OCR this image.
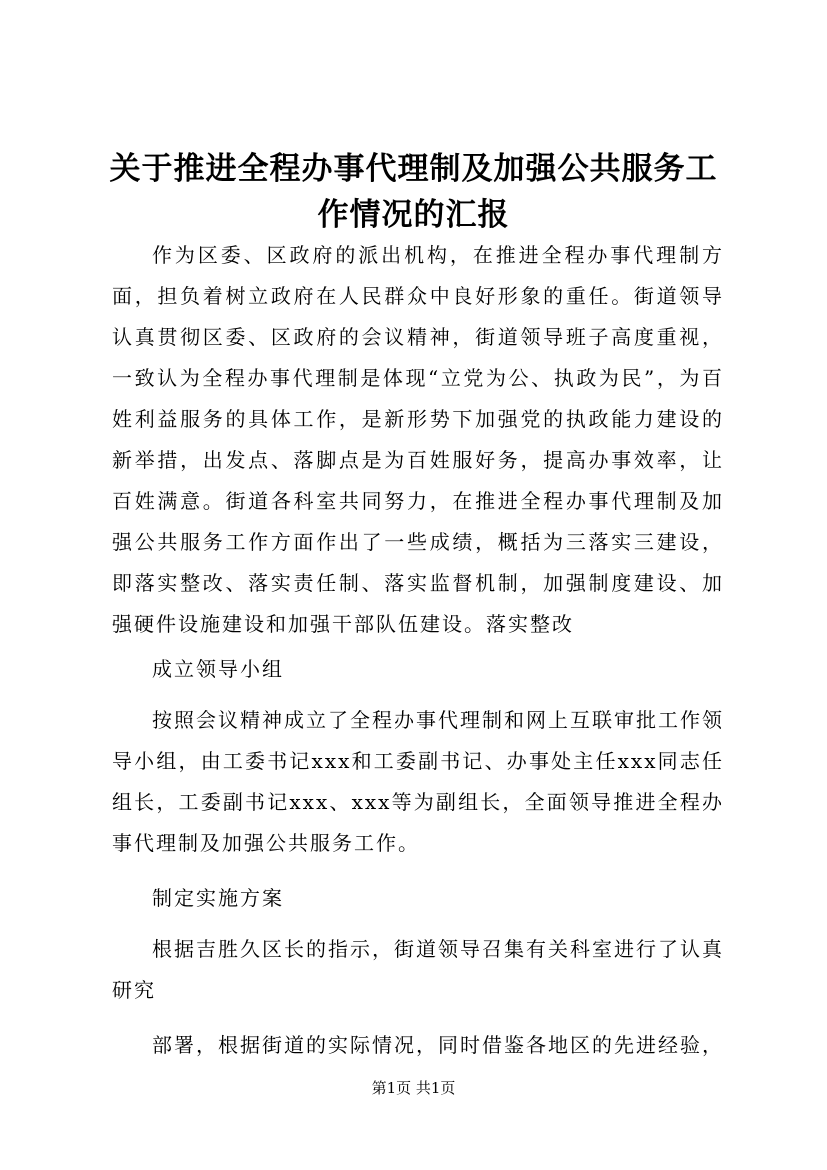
关于推进全程办事代理制及加强公共服务工作情况的汇报

作为区委、区政府的派出机构，在推进全程办事代理制方面，担负着树立政府在人民群众中良好形象的重任。街道领导认真贯彻区委、区政府的会议精神，街道领导班子高度重视，一致认为全程办事代理制是体现“立党为公、执政为民”，为百姓利益服务的具体工作，是新形势下加强党的执政能力建设的新举措，出发点、落脚点是为百姓服好务，提高办事效率，让百姓满意。街道各科室共同努力，在推进全程办事代理制及加强公共服务工作方面作出了一些成绩，概括为三落实三建设，即落实整改、落实责任制、落实监督机制，加强制度建设、加强硬件设施建设和加强干部队伍建设。落实整改

成立领导小组

按照会议精神成立了全程办事代理制和网上互联审批工作领导小组，由工委书记xxx和工委副书记、办事处主任xxx同志任组长，工委副书记xxx、xxx等为副组长，全面领导推进全程办事代理制及加强公共服务工作。

制定实施方案

根据吉胜久区长的指示，街道领导召集有关科室进行了认真研究

部署，根据街道的实际情况，同时借鉴各地区的先进经验，

第1页 共1页
